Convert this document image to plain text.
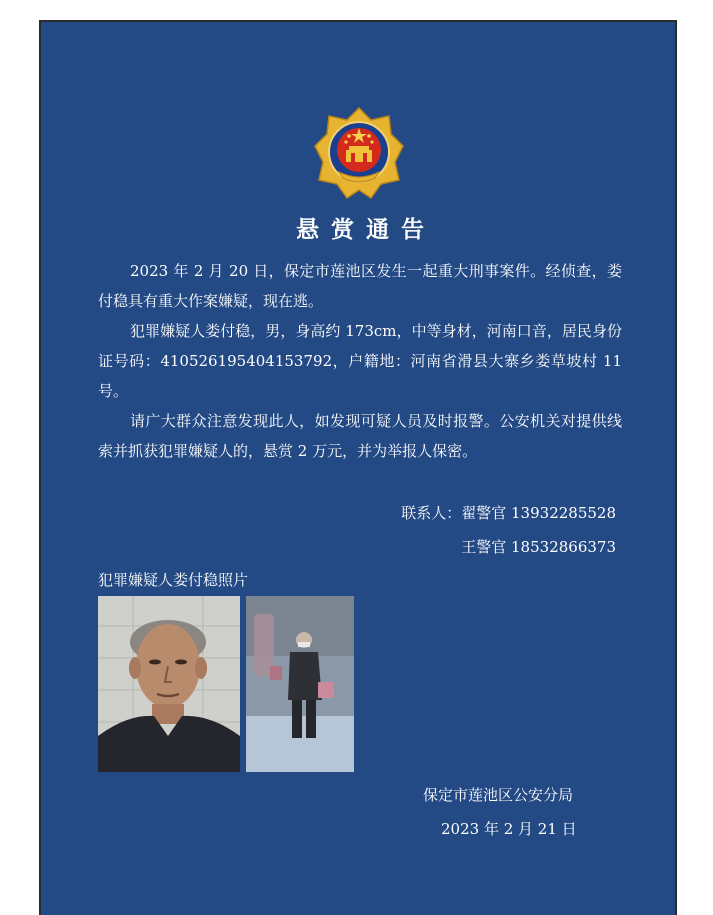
悬赏通告

2023 年 2 月 20 日，保定市莲池区发生一起重大刑事案件。经侦查，娄付稳具有重大作案嫌疑，现在逃。

犯罪嫌疑人娄付稳，男，身高约 173cm，中等身材，河南口音，居民身份证号码：410526195404153792，户籍地：河南省滑县大寨乡娄草坡村 11 号。

请广大群众注意发现此人，如发现可疑人员及时报警。公安机关对提供线索并抓获犯罪嫌疑人的，悬赏 2 万元，并为举报人保密。

联系人：翟警官 13932285528
王警官 18532866373
犯罪嫌疑人娄付稳照片
保定市莲池区公安分局
2023 年 2 月 21 日
